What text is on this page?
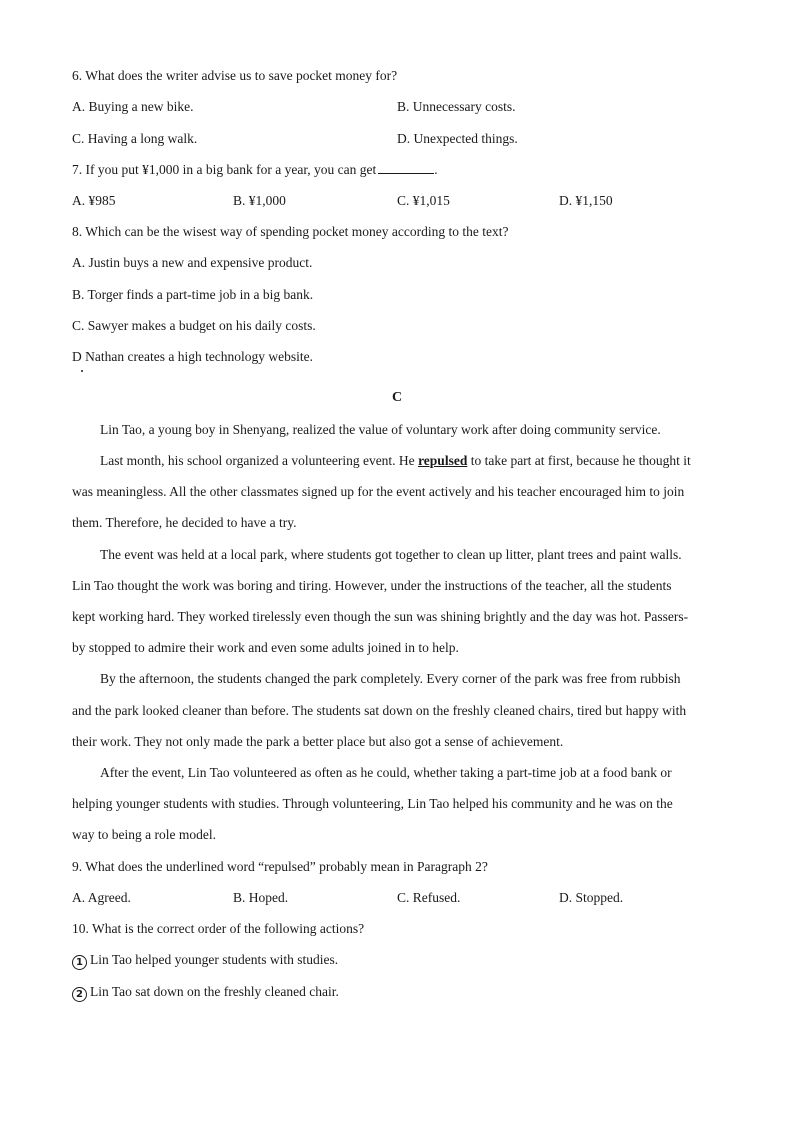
6. What does the writer advise us to save pocket money for?
A. Buying a new bike.	B. Unnecessary costs.
C. Having a long walk.	D. Unexpected things.
7. If you put ¥1,000 in a big bank for a year, you can get	.
A. ¥985	B. ¥1,000	C. ¥1,015	D. ¥1,150
8. Which can be the wisest way of spending pocket money according to the text?
A. Justin buys a new and expensive product.
B. Torger finds a part-time job in a big bank.
C. Sawyer makes a budget on his daily costs.
D Nathan creates a high technology website.
C
Lin Tao, a young boy in Shenyang, realized the value of voluntary work after doing community service.
Last month, his school organized a volunteering event. He repulsed to take part at first, because he thought it
was meaningless. All the other classmates signed up for the event actively and his teacher encouraged him to join
them. Therefore, he decided to have a try.
The event was held at a local park, where students got together to clean up litter, plant trees and paint walls.
Lin Tao thought the work was boring and tiring. However, under the instructions of the teacher, all the students
kept working hard. They worked tirelessly even though the sun was shining brightly and the day was hot. Passers-
by stopped to admire their work and even some adults joined in to help.
By the afternoon, the students changed the park completely. Every corner of the park was free from rubbish
and the park looked cleaner than before. The students sat down on the freshly cleaned chairs, tired but happy with
their work. They not only made the park a better place but also got a sense of achievement.
After the event, Lin Tao volunteered as often as he could, whether taking a part-time job at a food bank or
helping younger students with studies. Through volunteering, Lin Tao helped his community and he was on the
way to being a role model.
9. What does the underlined word “repulsed” probably mean in Paragraph 2?
A. Agreed.	B. Hoped.	C. Refused.	D. Stopped.
10. What is the correct order of the following actions?
1 Lin Tao helped younger students with studies.
2 Lin Tao sat down on the freshly cleaned chair.
